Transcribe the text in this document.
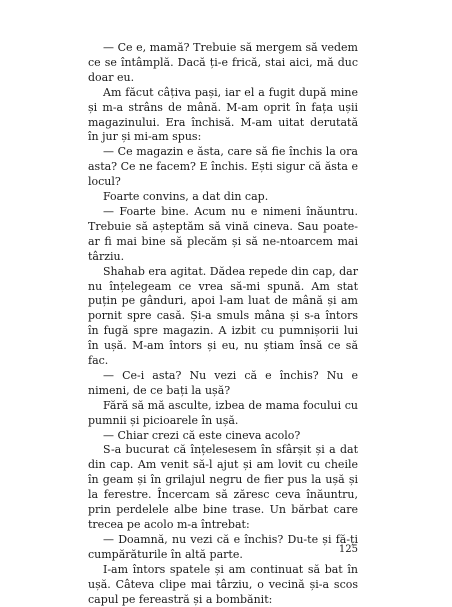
— Ce e, mamă? Trebuie să mergem să vedem ce se întâmplă. Dacă ți-e frică, stai aici, mă duc doar eu.

Am făcut câțiva pași, iar el a fugit după mine și m-a strâns de mână. M-am oprit în fața ușii magazinului. Era închisă. M-am uitat derutată în jur și mi-am spus:

— Ce magazin e ăsta, care să fie închis la ora asta? Ce ne facem? E închis. Ești sigur că ăsta e locul?

Foarte convins, a dat din cap.

— Foarte bine. Acum nu e nimeni înăuntru. Trebuie să așteptăm să vină cineva. Sau poate-ar fi mai bine să plecăm și să ne-ntoarcem mai târziu.

Shahab era agitat. Dădea repede din cap, dar nu înțelegeam ce vrea să-mi spună. Am stat puțin pe gânduri, apoi l-am luat de mână și am pornit spre casă. Și-a smuls mâna și s-a întors în fugă spre magazin. A izbit cu pumnișorii lui în ușă. M-am întors și eu, nu știam însă ce să fac.

— Ce-i asta? Nu vezi că e închis? Nu e nimeni, de ce bați la ușă?

Fără să mă asculte, izbea de mama focului cu pumnii și picioarele în ușă.

— Chiar crezi că este cineva acolo?

S-a bucurat că înțelesesem în sfârșit și a dat din cap. Am venit să-l ajut și am lovit cu cheile în geam și în grilajul negru de fier pus la ușă și la ferestre. Încercam să zăresc ceva înăuntru, prin perdelele albe bine trase. Un bărbat care trecea pe acolo m-a întrebat:

— Doamnă, nu vezi că e închis? Du-te și fă-ți cumpărăturile în altă parte.

I-am întors spatele și am continuat să bat în ușă. Câteva clipe mai târziu, o vecină și-a scos capul pe fereastră și a bombănit:

125
